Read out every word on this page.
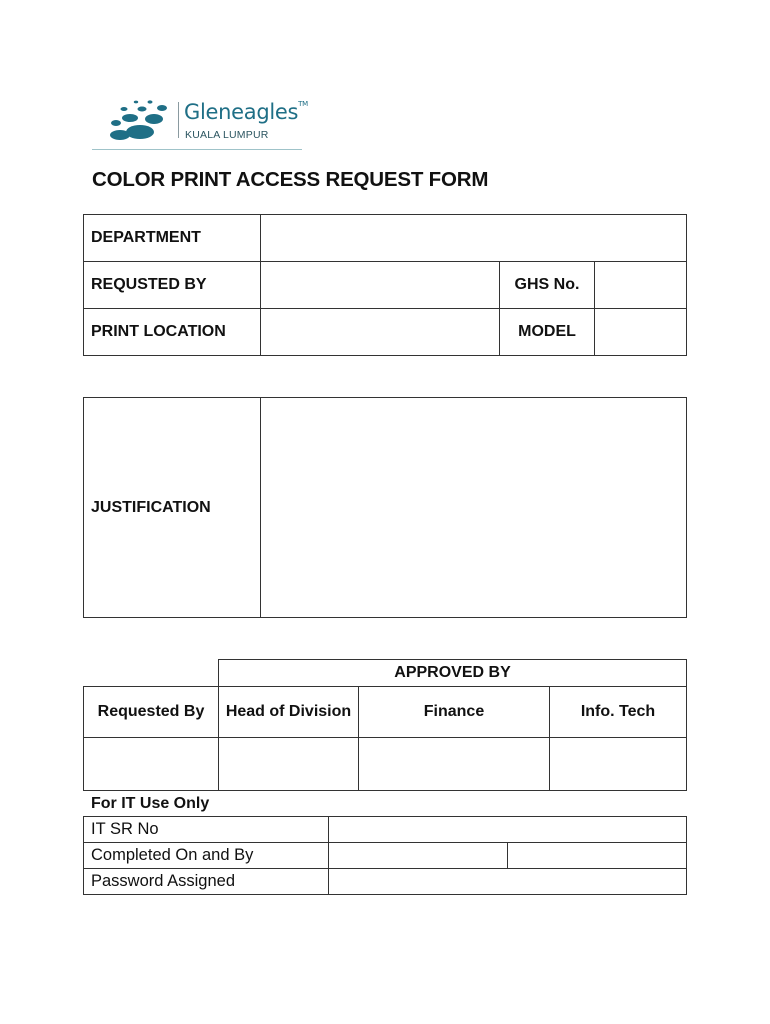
Gleneagles™
KUALA LUMPUR
COLOR PRINT ACCESS REQUEST FORM
DEPARTMENT
REQUSTED BY	GHS No.
PRINT LOCATION	MODEL
JUSTIFICATION
APPROVED BY
Requested By	Head of Division	Finance	Info. Tech
For IT Use Only
IT SR No
Completed On and By
Password Assigned
